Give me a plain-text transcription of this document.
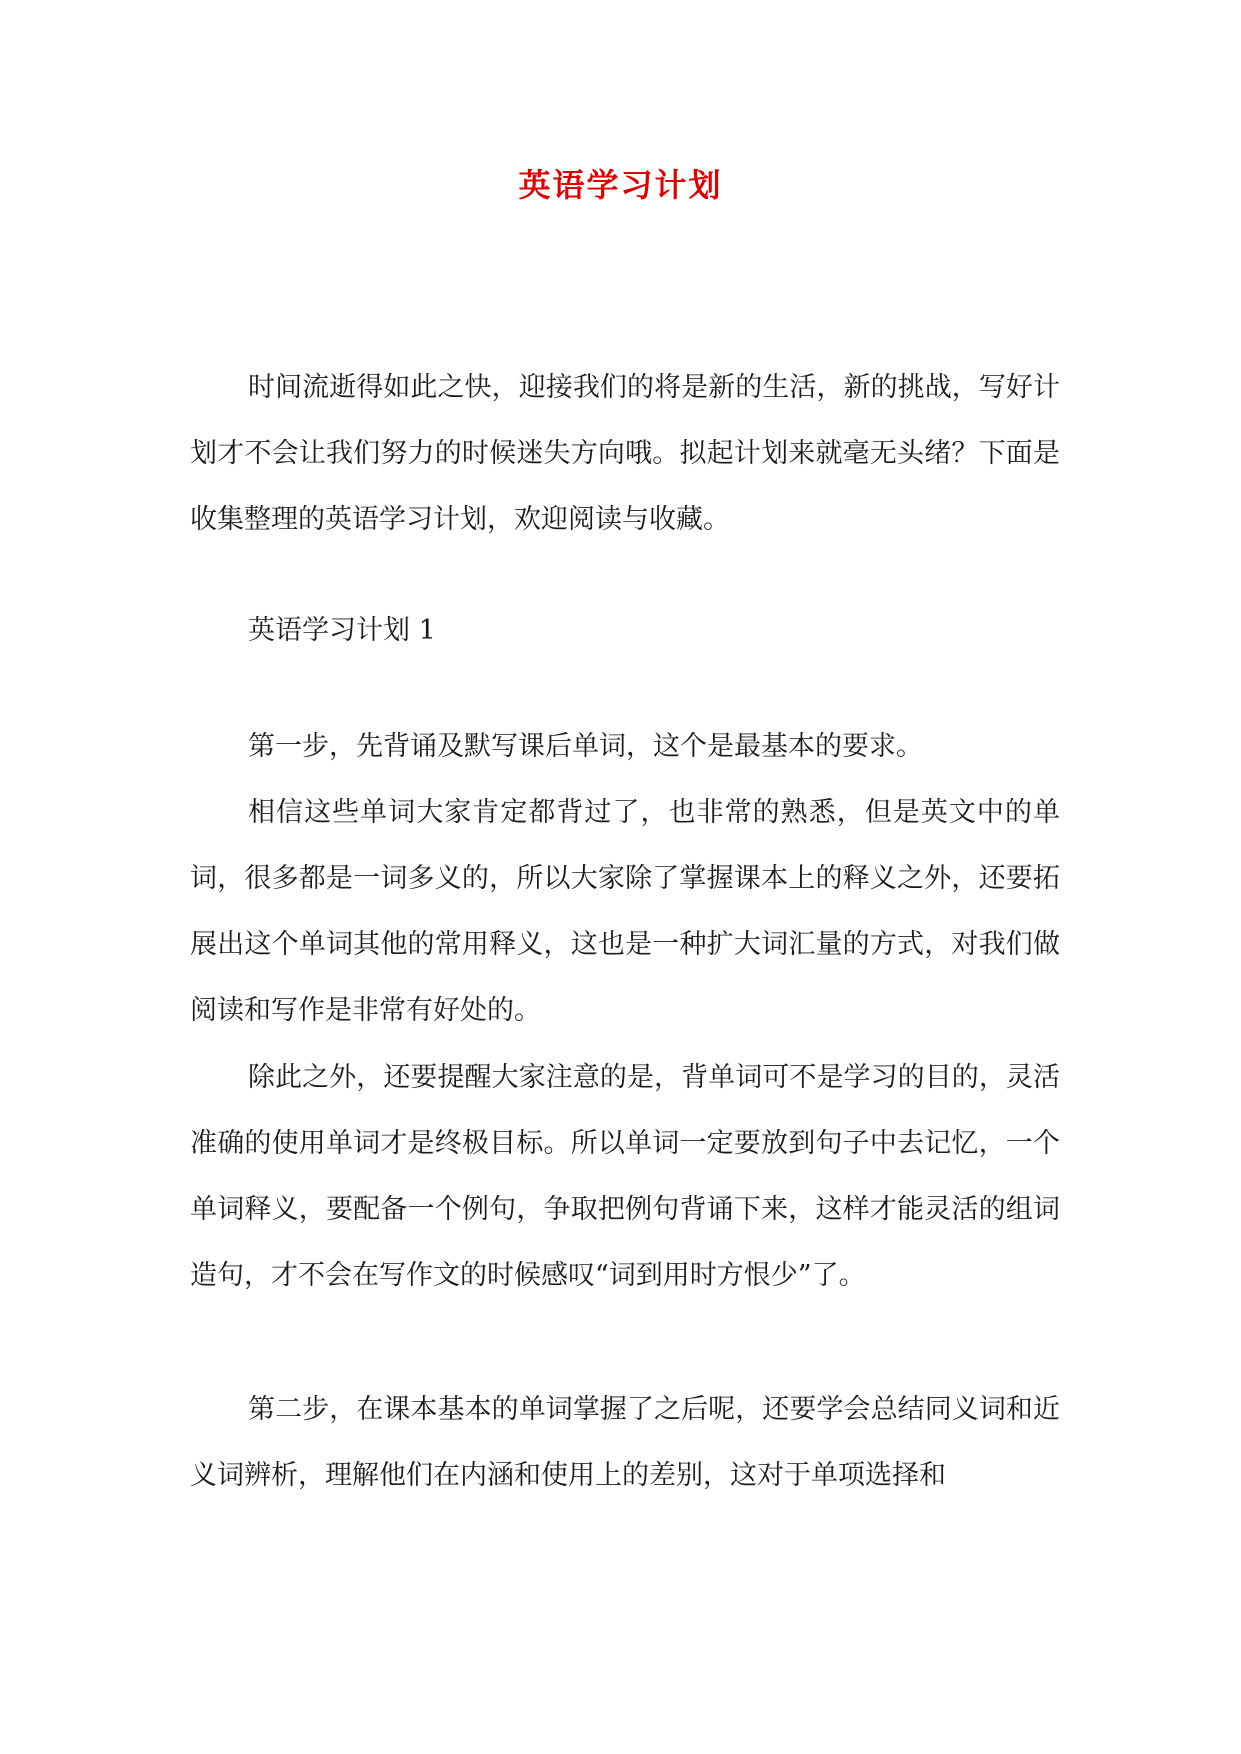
英语学习计划

时间流逝得如此之快，迎接我们的将是新的生活，新的挑战，写好计划才不会让我们努力的时候迷失方向哦。拟起计划来就毫无头绪？下面是收集整理的英语学习计划，欢迎阅读与收藏。

英语学习计划 1

第一步，先背诵及默写课后单词，这个是最基本的要求。

相信这些单词大家肯定都背过了，也非常的熟悉，但是英文中的单词，很多都是一词多义的，所以大家除了掌握课本上的释义之外，还要拓展出这个单词其他的常用释义，这也是一种扩大词汇量的方式，对我们做阅读和写作是非常有好处的。

除此之外，还要提醒大家注意的是，背单词可不是学习的目的，灵活准确的使用单词才是终极目标。所以单词一定要放到句子中去记忆，一个单词释义，要配备一个例句，争取把例句背诵下来，这样才能灵活的组词造句，才不会在写作文的时候感叹“词到用时方恨少”了。

第二步，在课本基本的单词掌握了之后呢，还要学会总结同义词和近义词辨析，理解他们在内涵和使用上的差别，这对于单项选择和
